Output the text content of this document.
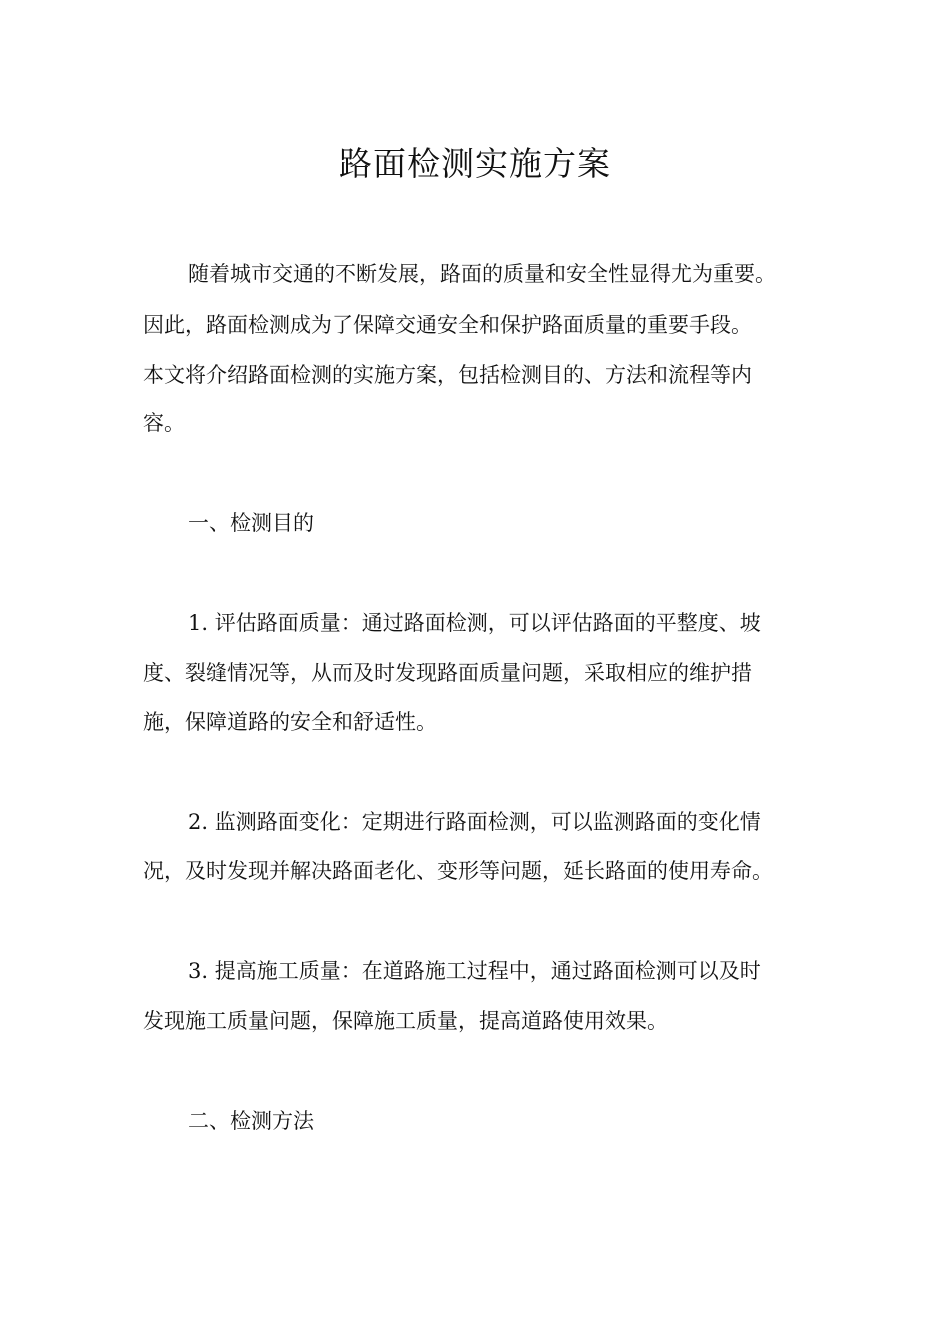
路面检测实施方案
随着城市交通的不断发展，路面的质量和安全性显得尤为重要。
因此，路面检测成为了保障交通安全和保护路面质量的重要手段。
本文将介绍路面检测的实施方案，包括检测目的、方法和流程等内
容。
一、检测目的
1. 评估路面质量：通过路面检测，可以评估路面的平整度、坡
度、裂缝情况等，从而及时发现路面质量问题，采取相应的维护措
施，保障道路的安全和舒适性。
2. 监测路面变化：定期进行路面检测，可以监测路面的变化情
况，及时发现并解决路面老化、变形等问题，延长路面的使用寿命。
3. 提高施工质量：在道路施工过程中，通过路面检测可以及时
发现施工质量问题，保障施工质量，提高道路使用效果。
二、检测方法
